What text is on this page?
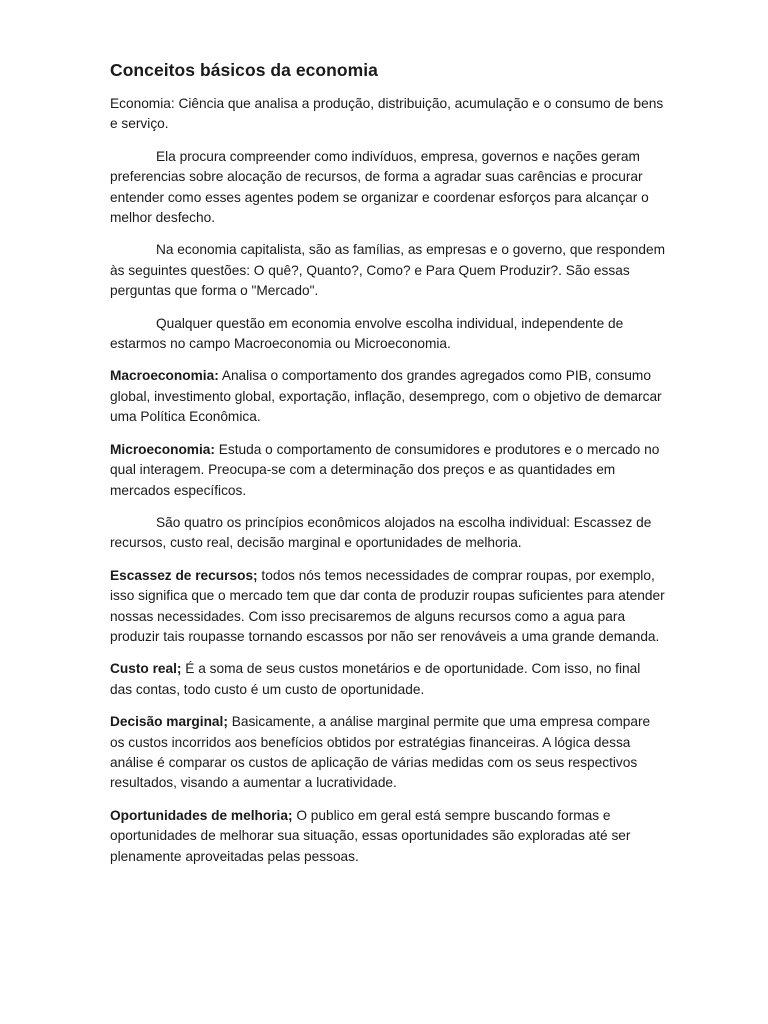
Conceitos básicos da economia

Economia: Ciência que analisa a produção, distribuição, acumulação e o consumo de bens e serviço.

Ela procura compreender como indivíduos, empresa, governos e nações geram preferencias sobre alocação de recursos, de forma a agradar suas carências e procurar entender como esses agentes podem se organizar e coordenar esforços para alcançar o melhor desfecho.

Na economia capitalista, são as famílias, as empresas e o governo, que respondem às seguintes questões: O quê?, Quanto?, Como? e Para Quem Produzir?. São essas perguntas que forma o "Mercado".

Qualquer questão em economia envolve escolha individual, independente de estarmos no campo Macroeconomia ou Microeconomia.

Macroeconomia: Analisa o comportamento dos grandes agregados como PIB, consumo global, investimento global, exportação, inflação, desemprego, com o objetivo de demarcar uma Política Econômica.

Microeconomia: Estuda o comportamento de consumidores e produtores e o mercado no qual interagem. Preocupa-se com a determinação dos preços e as quantidades em mercados específicos.

São quatro os princípios econômicos alojados na escolha individual: Escassez de recursos, custo real, decisão marginal e oportunidades de melhoria.

Escassez de recursos; todos nós temos necessidades de comprar roupas, por exemplo, isso significa que o mercado tem que dar conta de produzir roupas suficientes para atender nossas necessidades. Com isso precisaremos de alguns recursos como a agua para produzir tais roupasse tornando escassos por não ser renováveis a uma grande demanda.

Custo real; É a soma de seus custos monetários e de oportunidade. Com isso, no final das contas, todo custo é um custo de oportunidade.

Decisão marginal; Basicamente, a análise marginal permite que uma empresa compare os custos incorridos aos benefícios obtidos por estratégias financeiras. A lógica dessa análise é comparar os custos de aplicação de várias medidas com os seus respectivos resultados, visando a aumentar a lucratividade.

Oportunidades de melhoria; O publico em geral está sempre buscando formas e oportunidades de melhorar sua situação, essas oportunidades são exploradas até ser plenamente aproveitadas pelas pessoas.
